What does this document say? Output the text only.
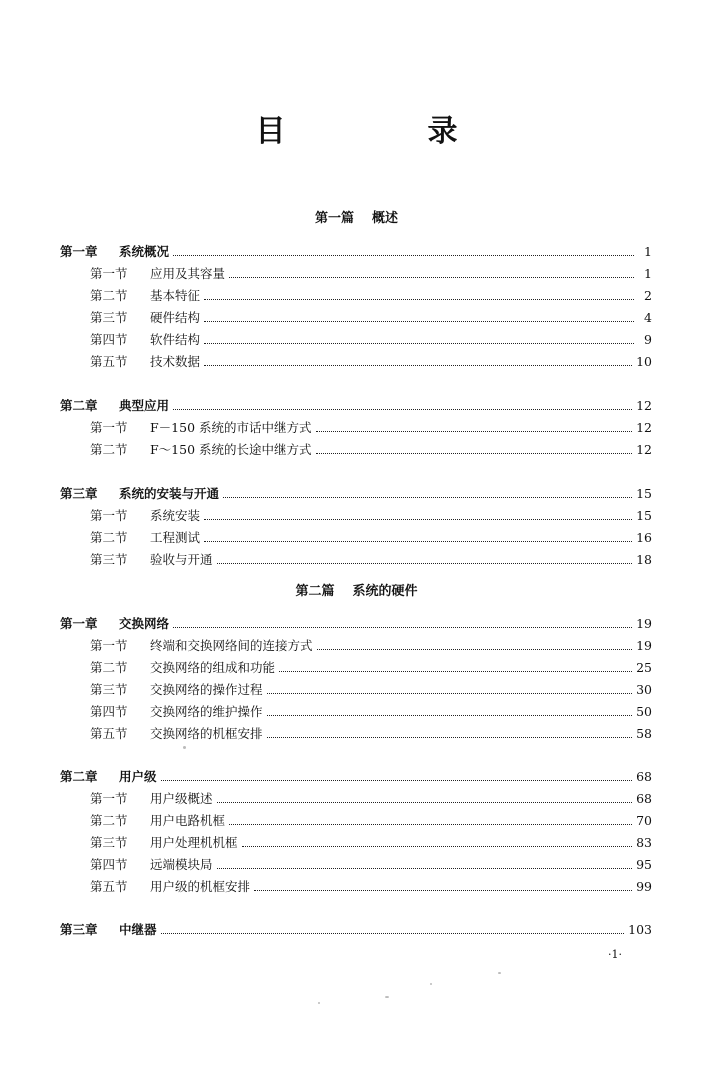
目　录
第一篇 概述
第一章	系统概况	1
第一节	应用及其容量	1
第二节	基本特征	2
第三节	硬件结构	4
第四节	软件结构	9
第五节	技术数据	10
第二章	典型应用	12
第一节	F－150 系统的市话中继方式	12
第二节	F～150 系统的长途中继方式	12
第三章	系统的安装与开通	15
第一节	系统安装	15
第二节	工程测试	16
第三节	验收与开通	18
第二篇 系统的硬件
第一章	交换网络	19
第一节	终端和交换网络间的连接方式	19
第二节	交换网络的组成和功能	25
第三节	交换网络的操作过程	30
第四节	交换网络的维护操作	50
第五节	交换网络的机框安排	58
第二章	用户级	68
第一节	用户级概述	68
第二节	用户电路机框	70
第三节	用户处理机机框	83
第四节	远端模块局	95
第五节	用户级的机框安排	99
第三章	中继器	103
·1·
